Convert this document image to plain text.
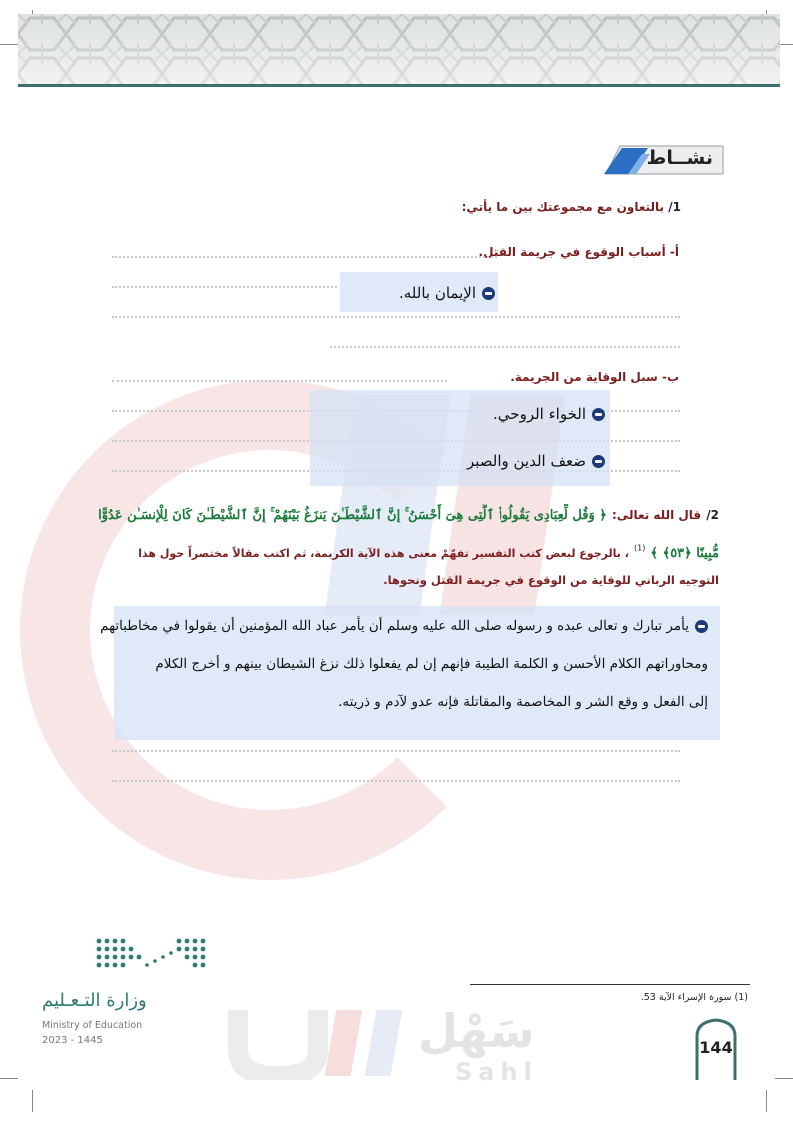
نشــاط
1/ بالتعاون مع مجموعتك بين ما يأتي:
أ- أسباب الوقوع في جريمة القتل.
الإيمان بالله.
ب- سبل الوقاية من الجريمة.
الخواء الروحي.
ضعف الدين والصبر
2/ قال الله تعالى: ﴿ وَقُل لِّعِبَادِى يَقُولُوا۟ ٱلَّتِى هِىَ أَحْسَنُ ۚ إِنَّ ٱلشَّيْطَـٰنَ يَنزَغُ بَيْنَهُمْ ۚ إِنَّ ٱلشَّيْطَـٰنَ كَانَ لِلْإِنسَـٰنِ عَدُوًّا
مُّبِينًا ﴿٥٣﴾ ﴾ $^{(1)}$ ، بالرجوع لبعض كتب التفسير تفهّمْ معنى هذه الآية الكريمة، ثم اكتب مقالاً مختصراً حول هذا
التوجيه الرباني للوقاية من الوقوع في جريمة القتل ونحوها.
يأمر تبارك و تعالى عبده و رسوله صلى الله عليه وسلم أن يأمر عباد الله المؤمنين أن يقولوا في مخاطباتهم
ومحاوراتهم الكلام الأحسن و الكلمة الطيبة فإنهم إن لم يفعلوا ذلك نزغ الشيطان بينهم و أخرج الكلام
إلى الفعل و وقع الشر و المخاصمة والمقاتلة فإنه عدو لآدم و ذريته.
(1) سورة الإسراء الآية 53.
144
وزارة التـعـليم
Ministry of Education
2023 - 1445	سَهْل
Sahl
